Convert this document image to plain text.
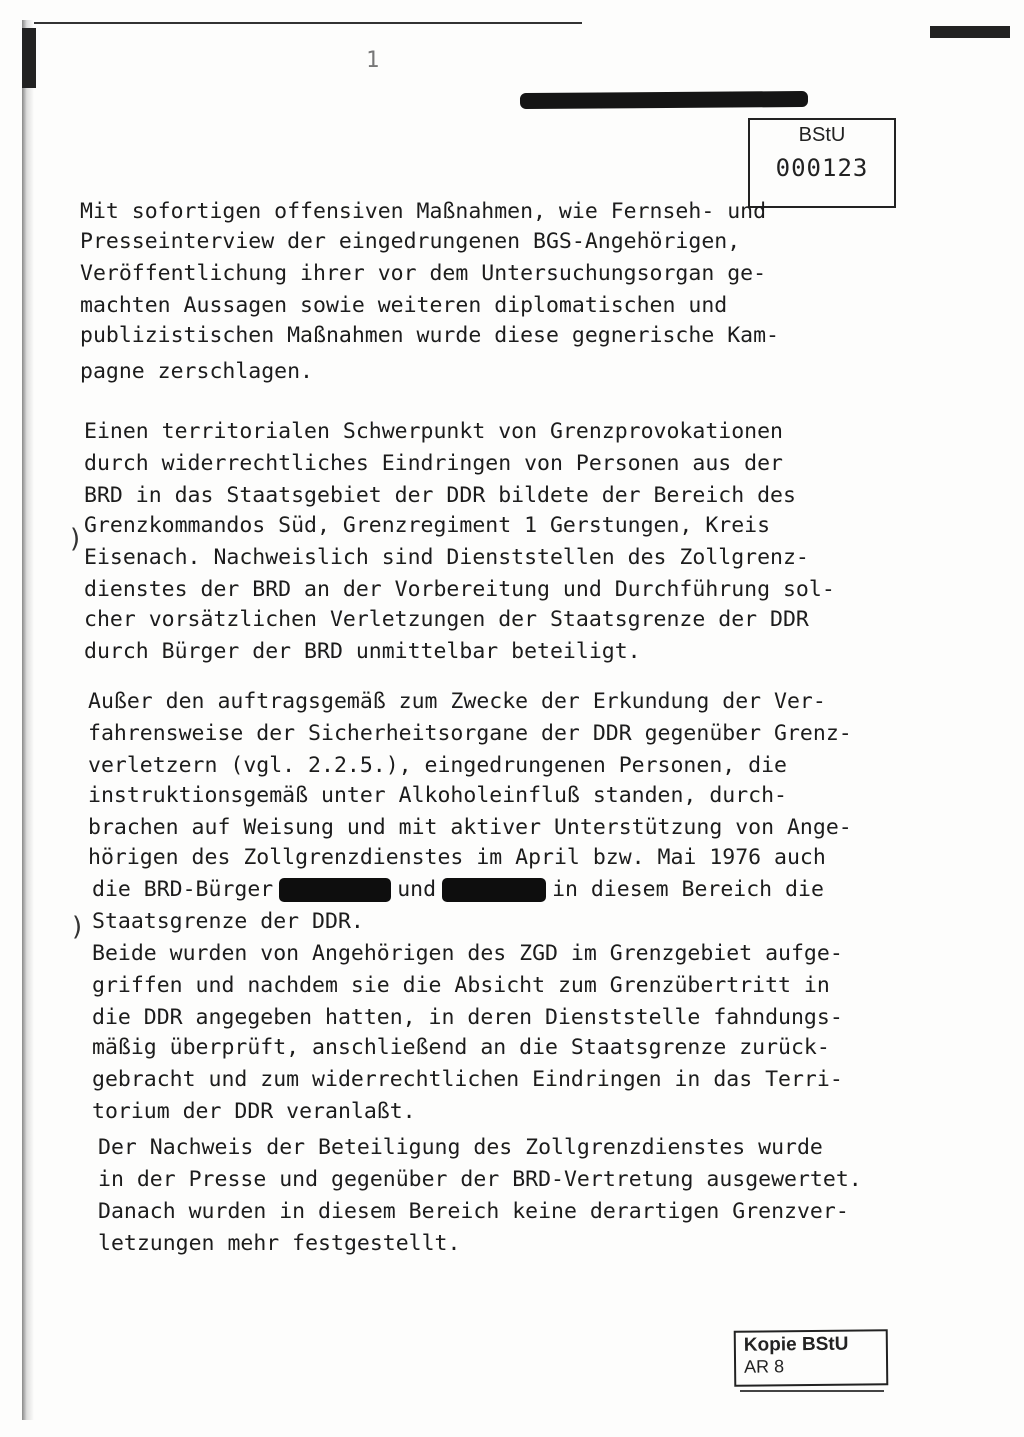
1
BStU
000123
Mit sofortigen offensiven Maßnahmen, wie Fernseh- und
Presseinterview der eingedrungenen BGS-Angehörigen,
Veröffentlichung ihrer vor dem Untersuchungsorgan ge-
machten Aussagen sowie weiteren diplomatischen und
publizistischen Maßnahmen wurde diese gegnerische Kam-
pagne zerschlagen.
Einen territorialen Schwerpunkt von Grenzprovokationen
durch widerrechtliches Eindringen von Personen aus der
BRD in das Staatsgebiet der DDR bildete der Bereich des
Grenzkommandos Süd, Grenzregiment 1 Gerstungen, Kreis
Eisenach. Nachweislich sind Dienststellen des Zollgrenz-
dienstes der BRD an der Vorbereitung und Durchführung sol-
cher vorsätzlichen Verletzungen der Staatsgrenze der DDR
durch Bürger der BRD unmittelbar beteiligt.
)
Außer den auftragsgemäß zum Zwecke der Erkundung der Ver-
fahrensweise der Sicherheitsorgane der DDR gegenüber Grenz-
verletzern (vgl. 2.2.5.), eingedrungenen Personen, die
instruktionsgemäß unter Alkoholeinfluß standen, durch-
brachen auf Weisung und mit aktiver Unterstützung von Ange-
hörigen des Zollgrenzdienstes im April bzw. Mai 1976 auch
die BRD-Bürger	und	in diesem Bereich die
Staatsgrenze der DDR.
Beide wurden von Angehörigen des ZGD im Grenzgebiet aufge-
griffen und nachdem sie die Absicht zum Grenzübertritt in
die DDR angegeben hatten, in deren Dienststelle fahndungs-
mäßig überprüft, anschließend an die Staatsgrenze zurück-
gebracht und zum widerrechtlichen Eindringen in das Terri-
torium der DDR veranlaßt.
)
Der Nachweis der Beteiligung des Zollgrenzdienstes wurde
in der Presse und gegenüber der BRD-Vertretung ausgewertet.
Danach wurden in diesem Bereich keine derartigen Grenzver-
letzungen mehr festgestellt.
Kopie BStU
AR 8
